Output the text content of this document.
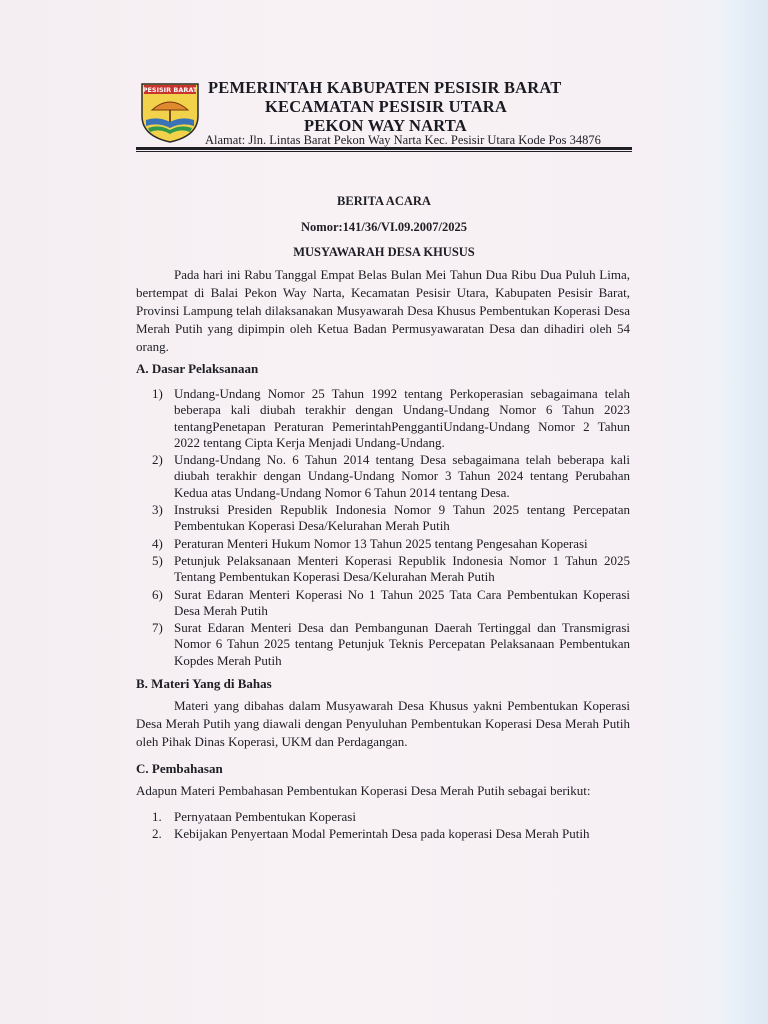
PESISIR BARAT PEMERINTAH KABUPATEN PESISIR BARAT
KECAMATAN PESISIR UTARA
PEKON WAY NARTA
Alamat: Jln. Lintas Barat Pekon Way Narta Kec. Pesisir Utara Kode Pos 34876
BERITA ACARA
Nomor:141/36/VI.09.2007/2025
MUSYAWARAH DESA KHUSUS
Pada hari ini Rabu Tanggal Empat Belas Bulan Mei Tahun Dua Ribu Dua Puluh Lima, bertempat di Balai Pekon Way Narta, Kecamatan Pesisir Utara, Kabupaten Pesisir Barat, Provinsi Lampung telah dilaksanakan Musyawarah Desa Khusus Pembentukan Koperasi Desa Merah Putih yang dipimpin oleh Ketua Badan Permusyawaratan Desa dan dihadiri oleh 54 orang.
A. Dasar Pelaksanaan
1) Undang-Undang Nomor 25 Tahun 1992 tentang Perkoperasian sebagaimana telah beberapa kali diubah terakhir dengan Undang-Undang Nomor 6 Tahun 2023 tentangPenetapan Peraturan PemerintahPenggantiUndang-Undang Nomor 2 Tahun 2022 tentang Cipta Kerja Menjadi Undang-Undang.
2) Undang-Undang No. 6 Tahun 2014 tentang Desa sebagaimana telah beberapa kali diubah terakhir dengan Undang-Undang Nomor 3 Tahun 2024 tentang Perubahan Kedua atas Undang-Undang Nomor 6 Tahun 2014 tentang Desa.
3) Instruksi Presiden Republik Indonesia Nomor 9 Tahun 2025 tentang Percepatan Pembentukan Koperasi Desa/Kelurahan Merah Putih
4) Peraturan Menteri Hukum Nomor 13 Tahun 2025 tentang Pengesahan Koperasi
5) Petunjuk Pelaksanaan Menteri Koperasi Republik Indonesia Nomor 1 Tahun 2025 Tentang Pembentukan Koperasi Desa/Kelurahan Merah Putih
6) Surat Edaran Menteri Koperasi No 1 Tahun 2025 Tata Cara Pembentukan Koperasi Desa Merah Putih
7) Surat Edaran Menteri Desa dan Pembangunan Daerah Tertinggal dan Transmigrasi Nomor 6 Tahun 2025 tentang Petunjuk Teknis Percepatan Pelaksanaan Pembentukan Kopdes Merah Putih
B. Materi Yang di Bahas
Materi yang dibahas dalam Musyawarah Desa Khusus yakni Pembentukan Koperasi Desa Merah Putih yang diawali dengan Penyuluhan Pembentukan Koperasi Desa Merah Putih oleh Pihak Dinas Koperasi, UKM dan Perdagangan.
C. Pembahasan
Adapun Materi Pembahasan Pembentukan Koperasi Desa Merah Putih sebagai berikut:
1. Pernyataan Pembentukan Koperasi
2. Kebijakan Penyertaan Modal Pemerintah Desa pada koperasi Desa Merah Putih
